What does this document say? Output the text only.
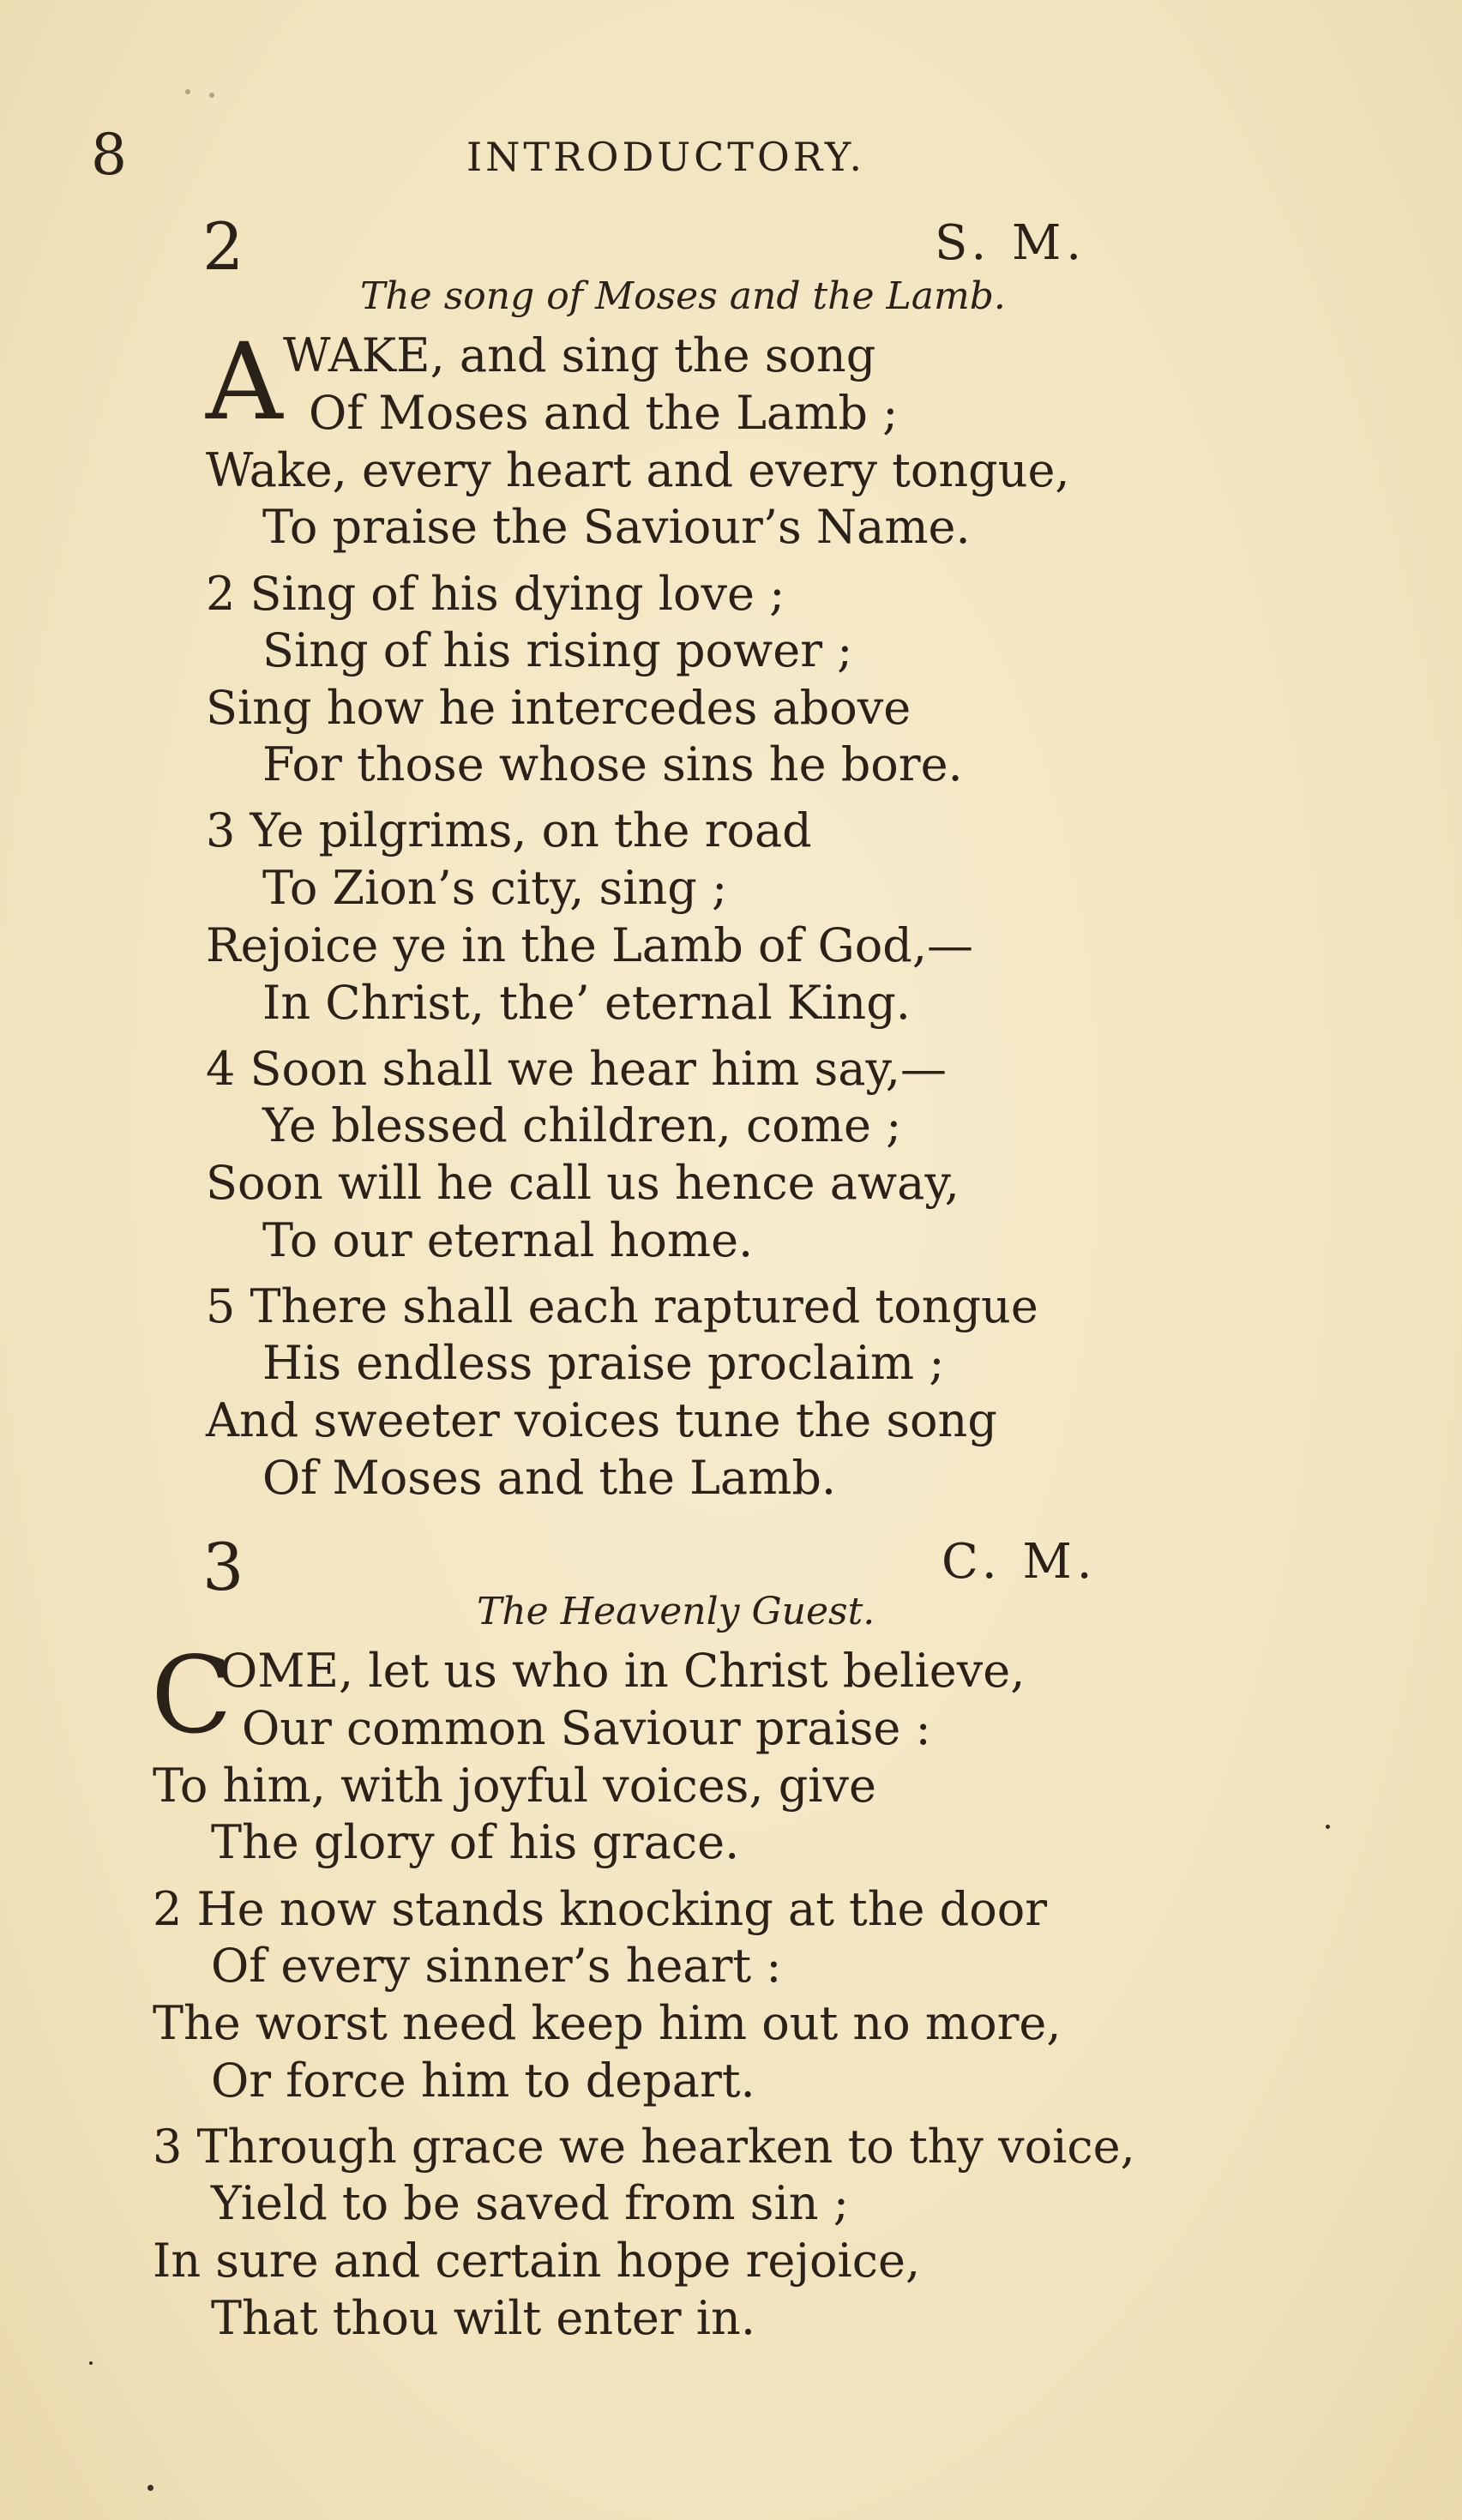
8	INTRODUCTORY.
2	S. M.
The song of Moses and the Lamb.
A WAKE, and sing the song
Of Moses and the Lamb ;
Wake, every heart and every tongue,
To praise the Saviour’s Name.
2 Sing of his dying love ;
Sing of his rising power ;
Sing how he intercedes above
For those whose sins he bore.
3 Ye pilgrims, on the road
To Zion’s city, sing ;
Rejoice ye in the Lamb of God,—
In Christ, the’ eternal King.
4 Soon shall we hear him say,—
Ye blessed children, come ;
Soon will he call us hence away,
To our eternal home.
5 There shall each raptured tongue
His endless praise proclaim ;
And sweeter voices tune the song
Of Moses and the Lamb.
3	C. M.
The Heavenly Guest.
C
OME, let us who in Christ believe,
Our common Saviour praise :
To him, with joyful voices, give
The glory of his grace.
2 He now stands knocking at the door
Of every sinner’s heart :
The worst need keep him out no more,
Or force him to depart.
3 Through grace we hearken to thy voice,
Yield to be saved from sin ;
In sure and certain hope rejoice,
That thou wilt enter in.
